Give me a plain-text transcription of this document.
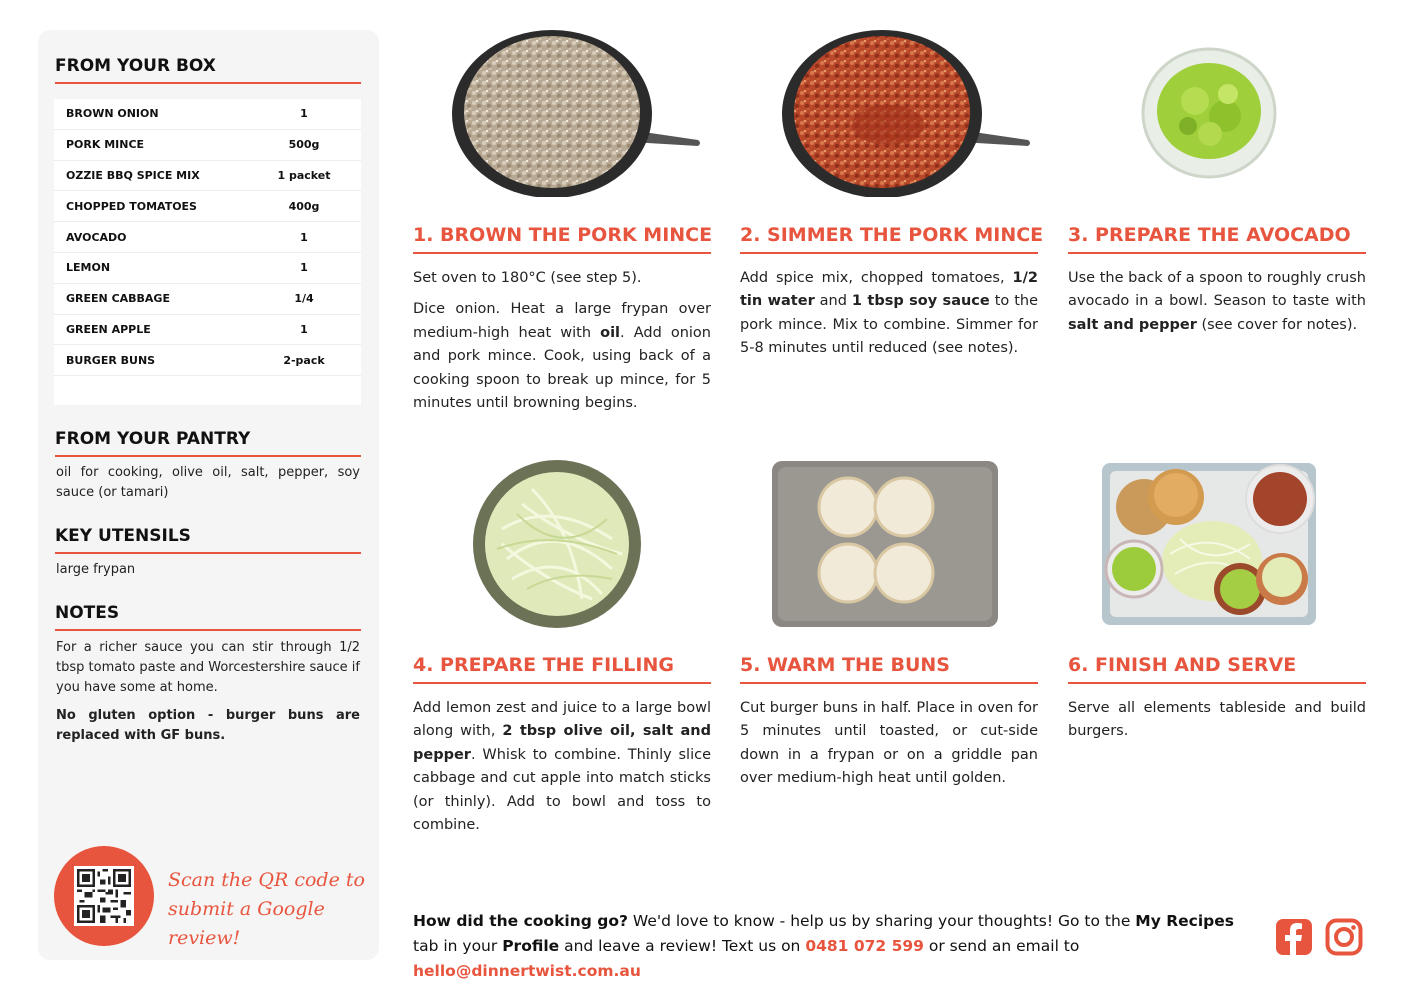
FROM YOUR BOX
BROWN ONION	1
PORK MINCE	500g
OZZIE BBQ SPICE MIX	1 packet
CHOPPED TOMATOES	400g
AVOCADO	1
LEMON	1
GREEN CABBAGE	1/4
GREEN APPLE	1
BURGER BUNS	2-pack
FROM YOUR PANTRY
oil for cooking, olive oil, salt, pepper, soy sauce (or tamari)
KEY UTENSILS
large frypan
NOTES
For a richer sauce you can stir through 1/2 tbsp tomato paste and Worcestershire sauce if you have some at home.
No gluten option - burger buns are replaced with GF buns.
Scan the QR code to
submit a Google review!
1. BROWN THE PORK MINCE

Set oven to 180°C (see step 5).

Dice onion. Heat a large frypan over medium-high heat with oil. Add onion and pork mince. Cook, using back of a cooking spoon to break up mince, for 5 minutes until browning begins.

2. SIMMER THE PORK MINCE

Add spice mix, chopped tomatoes, 1/2 tin water and 1 tbsp soy sauce to the pork mince. Mix to combine. Simmer for 5-8 minutes until reduced (see notes).

3. PREPARE THE AVOCADO

Use the back of a spoon to roughly crush avocado in a bowl. Season to taste with salt and pepper (see cover for notes).

4. PREPARE THE FILLING

Add lemon zest and juice to a large bowl along with, 2 tbsp olive oil, salt and pepper. Whisk to combine. Thinly slice cabbage and cut apple into match sticks (or thinly). Add to bowl and toss to combine.

5. WARM THE BUNS

Cut burger buns in half. Place in oven for 5 minutes until toasted, or cut-side down in a frypan or on a griddle pan over medium-high heat until golden.

6. FINISH AND SERVE

Serve all elements tableside and build burgers.

How did the cooking go? We'd love to know - help us by sharing your thoughts! Go to the My Recipes tab in your Profile and leave a review! Text us on 0481 072 599 or send an email to hello@dinnertwist.com.au
